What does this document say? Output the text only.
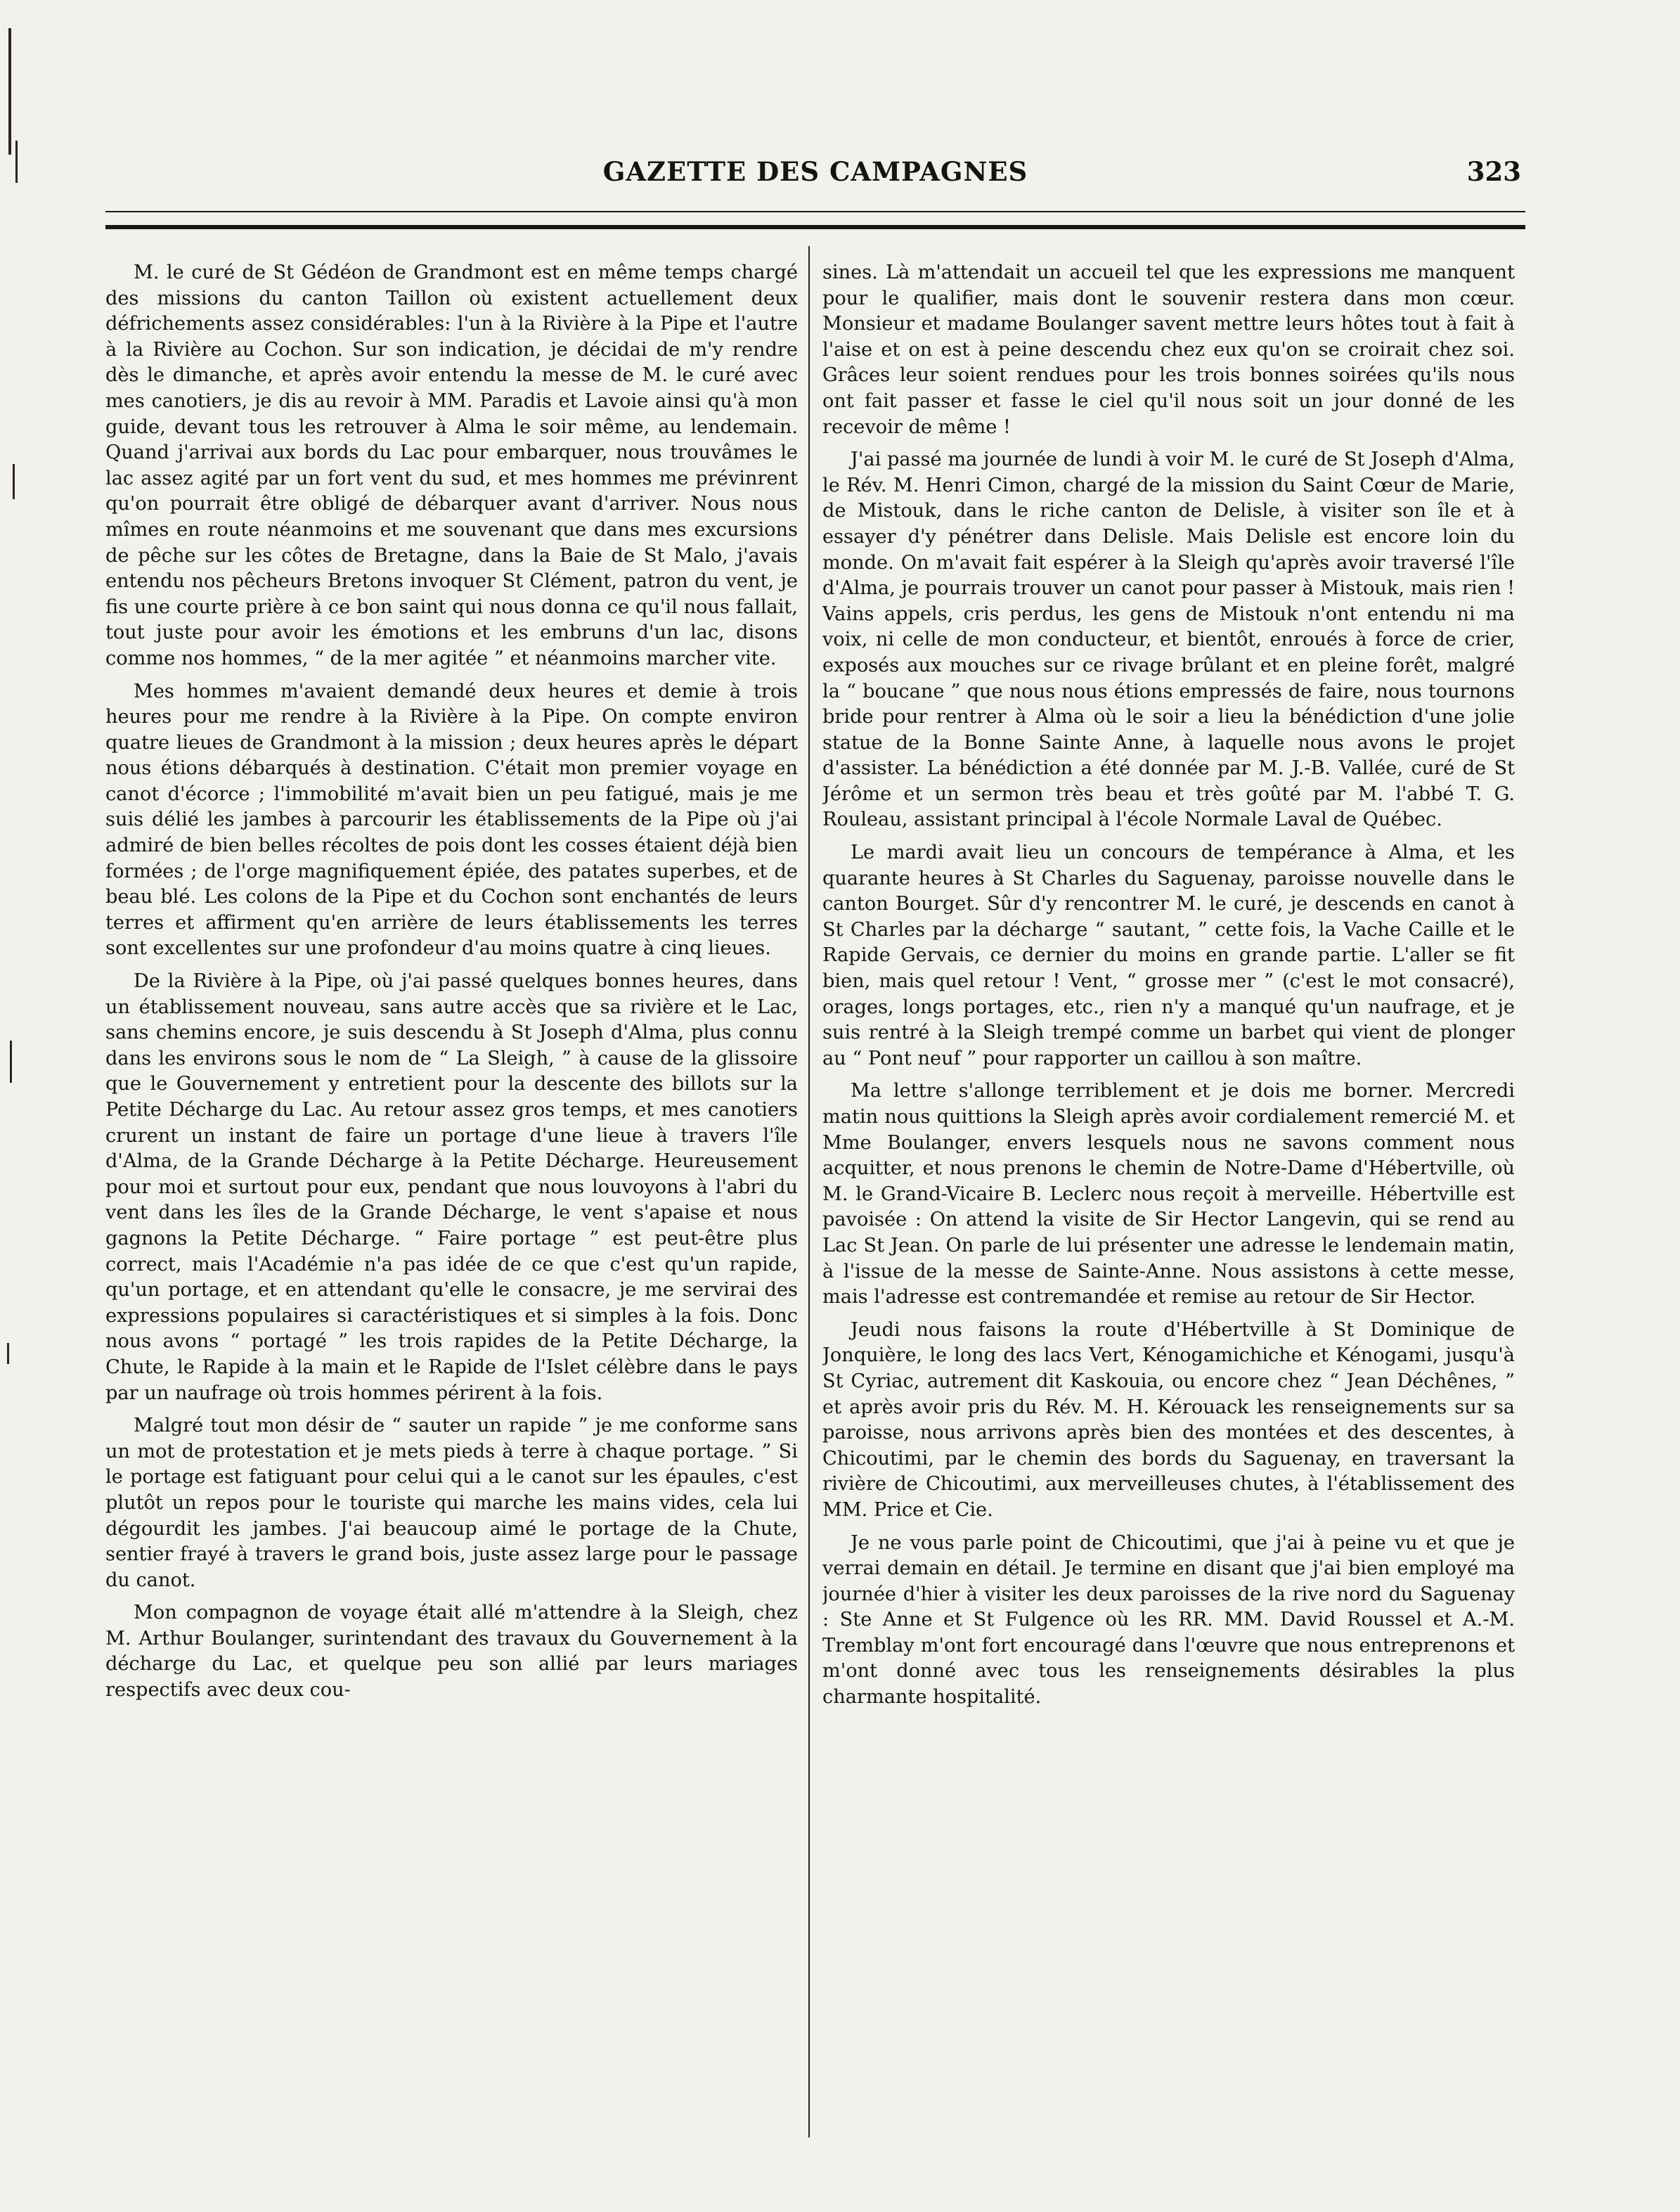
GAZETTE DES CAMPAGNES	323

M. le curé de St Gédéon de Grandmont est en même temps chargé des missions du canton Taillon où existent actuellement deux défrichements assez considérables: l'un à la Rivière à la Pipe et l'autre à la Rivière au Cochon. Sur son indication, je décidai de m'y rendre dès le dimanche, et après avoir entendu la messe de M. le curé avec mes canotiers, je dis au revoir à MM. Paradis et Lavoie ainsi qu'à mon guide, devant tous les retrouver à Alma le soir même, au lendemain. Quand j'arrivai aux bords du Lac pour embarquer, nous trouvâmes le lac assez agité par un fort vent du sud, et mes hommes me prévinrent qu'on pourrait être obligé de débarquer avant d'arriver. Nous nous mîmes en route néanmoins et me souvenant que dans mes excursions de pêche sur les côtes de Bretagne, dans la Baie de St Malo, j'avais entendu nos pêcheurs Bretons invoquer St Clément, patron du vent, je fis une courte prière à ce bon saint qui nous donna ce qu'il nous fallait, tout juste pour avoir les émotions et les embruns d'un lac, disons comme nos hommes, “ de la mer agitée ” et néanmoins marcher vite.

Mes hommes m'avaient demandé deux heures et demie à trois heures pour me rendre à la Rivière à la Pipe. On compte environ quatre lieues de Grandmont à la mission ; deux heures après le départ nous étions débarqués à destination. C'était mon premier voyage en canot d'écorce ; l'immobilité m'avait bien un peu fatigué, mais je me suis délié les jambes à parcourir les établissements de la Pipe où j'ai admiré de bien belles récoltes de pois dont les cosses étaient déjà bien formées ; de l'orge magnifiquement épiée, des patates superbes, et de beau blé. Les colons de la Pipe et du Cochon sont enchantés de leurs terres et affirment qu'en arrière de leurs établissements les terres sont excellentes sur une profondeur d'au moins quatre à cinq lieues.

De la Rivière à la Pipe, où j'ai passé quelques bonnes heures, dans un établissement nouveau, sans autre accès que sa rivière et le Lac, sans chemins encore, je suis descendu à St Joseph d'Alma, plus connu dans les environs sous le nom de “ La Sleigh, ” à cause de la glissoire que le Gouvernement y entretient pour la descente des billots sur la Petite Décharge du Lac. Au retour assez gros temps, et mes canotiers crurent un instant de faire un portage d'une lieue à travers l'île d'Alma, de la Grande Décharge à la Petite Décharge. Heureusement pour moi et surtout pour eux, pendant que nous louvoyons à l'abri du vent dans les îles de la Grande Décharge, le vent s'apaise et nous gagnons la Petite Décharge. “ Faire portage ” est peut-être plus correct, mais l'Académie n'a pas idée de ce que c'est qu'un rapide, qu'un portage, et en attendant qu'elle le consacre, je me servirai des expressions populaires si caractéristiques et si simples à la fois. Donc nous avons “ portagé ” les trois rapides de la Petite Décharge, la Chute, le Rapide à la main et le Rapide de l'Islet célèbre dans le pays par un naufrage où trois hommes périrent à la fois.

Malgré tout mon désir de “ sauter un rapide ” je me conforme sans un mot de protestation et je mets pieds à terre à chaque portage. ” Si le portage est fatiguant pour celui qui a le canot sur les épaules, c'est plutôt un repos pour le touriste qui marche les mains vides, cela lui dégourdit les jambes. J'ai beaucoup aimé le portage de la Chute, sentier frayé à travers le grand bois, juste assez large pour le passage du canot.

Mon compagnon de voyage était allé m'attendre à la Sleigh, chez M. Arthur Boulanger, surintendant des travaux du Gouvernement à la décharge du Lac, et quelque peu son allié par leurs mariages respectifs avec deux cou-

sines. Là m'attendait un accueil tel que les expressions me manquent pour le qualifier, mais dont le souvenir restera dans mon cœur. Monsieur et madame Boulanger savent mettre leurs hôtes tout à fait à l'aise et on est à peine descendu chez eux qu'on se croirait chez soi. Grâces leur soient rendues pour les trois bonnes soirées qu'ils nous ont fait passer et fasse le ciel qu'il nous soit un jour donné de les recevoir de même !

J'ai passé ma journée de lundi à voir M. le curé de St Joseph d'Alma, le Rév. M. Henri Cimon, chargé de la mission du Saint Cœur de Marie, de Mistouk, dans le riche canton de Delisle, à visiter son île et à essayer d'y pénétrer dans Delisle. Mais Delisle est encore loin du monde. On m'avait fait espérer à la Sleigh qu'après avoir traversé l'île d'Alma, je pourrais trouver un canot pour passer à Mistouk, mais rien ! Vains appels, cris perdus, les gens de Mistouk n'ont entendu ni ma voix, ni celle de mon conducteur, et bientôt, enroués à force de crier, exposés aux mouches sur ce rivage brûlant et en pleine forêt, malgré la “ boucane ” que nous nous étions empressés de faire, nous tournons bride pour rentrer à Alma où le soir a lieu la bénédiction d'une jolie statue de la Bonne Sainte Anne, à laquelle nous avons le projet d'assister. La bénédiction a été donnée par M. J.-B. Vallée, curé de St Jérôme et un sermon très beau et très goûté par M. l'abbé T. G. Rouleau, assistant principal à l'école Normale Laval de Québec.

Le mardi avait lieu un concours de tempérance à Alma, et les quarante heures à St Charles du Saguenay, paroisse nouvelle dans le canton Bourget. Sûr d'y rencontrer M. le curé, je descends en canot à St Charles par la décharge “ sautant, ” cette fois, la Vache Caille et le Rapide Gervais, ce dernier du moins en grande partie. L'aller se fit bien, mais quel retour ! Vent, “ grosse mer ” (c'est le mot consacré), orages, longs portages, etc., rien n'y a manqué qu'un naufrage, et je suis rentré à la Sleigh trempé comme un barbet qui vient de plonger au “ Pont neuf ” pour rapporter un caillou à son maître.

Ma lettre s'allonge terriblement et je dois me borner. Mercredi matin nous quittions la Sleigh après avoir cordialement remercié M. et Mme Boulanger, envers lesquels nous ne savons comment nous acquitter, et nous prenons le chemin de Notre-Dame d'Hébertville, où M. le Grand-Vicaire B. Leclerc nous reçoit à merveille. Hébertville est pavoisée : On attend la visite de Sir Hector Langevin, qui se rend au Lac St Jean. On parle de lui présenter une adresse le lendemain matin, à l'issue de la messe de Sainte-Anne. Nous assistons à cette messe, mais l'adresse est contremandée et remise au retour de Sir Hector.

Jeudi nous faisons la route d'Hébertville à St Dominique de Jonquière, le long des lacs Vert, Kénogamichiche et Kénogami, jusqu'à St Cyriac, autrement dit Kaskouia, ou encore chez “ Jean Déchênes, ” et après avoir pris du Rév. M. H. Kérouack les renseignements sur sa paroisse, nous arrivons après bien des montées et des descentes, à Chicoutimi, par le chemin des bords du Saguenay, en traversant la rivière de Chicoutimi, aux merveilleuses chutes, à l'établissement des MM. Price et Cie.

Je ne vous parle point de Chicoutimi, que j'ai à peine vu et que je verrai demain en détail. Je termine en disant que j'ai bien employé ma journée d'hier à visiter les deux paroisses de la rive nord du Saguenay : Ste Anne et St Fulgence où les RR. MM. David Roussel et A.-M. Tremblay m'ont fort encouragé dans l'œuvre que nous entreprenons et m'ont donné avec tous les renseignements désirables la plus charmante hospitalité.
